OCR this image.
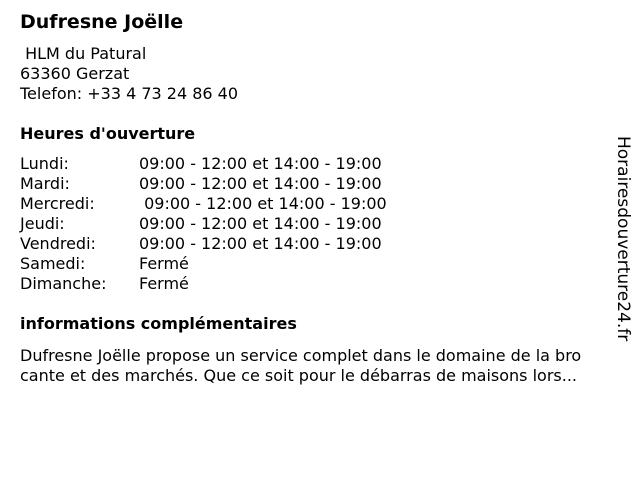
Dufresne Joëlle
HLM du Patural
63360 Gerzat
Telefon: +33 4 73 24 86 40
Heures d'ouverture
Lundi:	09:00 - 12:00 et 14:00 - 19:00
Mardi:	09:00 - 12:00 et 14:00 - 19:00
Mercredi:	09:00 - 12:00 et 14:00 - 19:00
Jeudi:	09:00 - 12:00 et 14:00 - 19:00
Vendredi:	09:00 - 12:00 et 14:00 - 19:00
Samedi:	Fermé
Dimanche:	Fermé
informations complémentaires
Dufresne Joëlle propose un service complet dans le domaine de la bro
cante et des marchés. Que ce soit pour le débarras de maisons lors...
Horairesdouverture24.fr
